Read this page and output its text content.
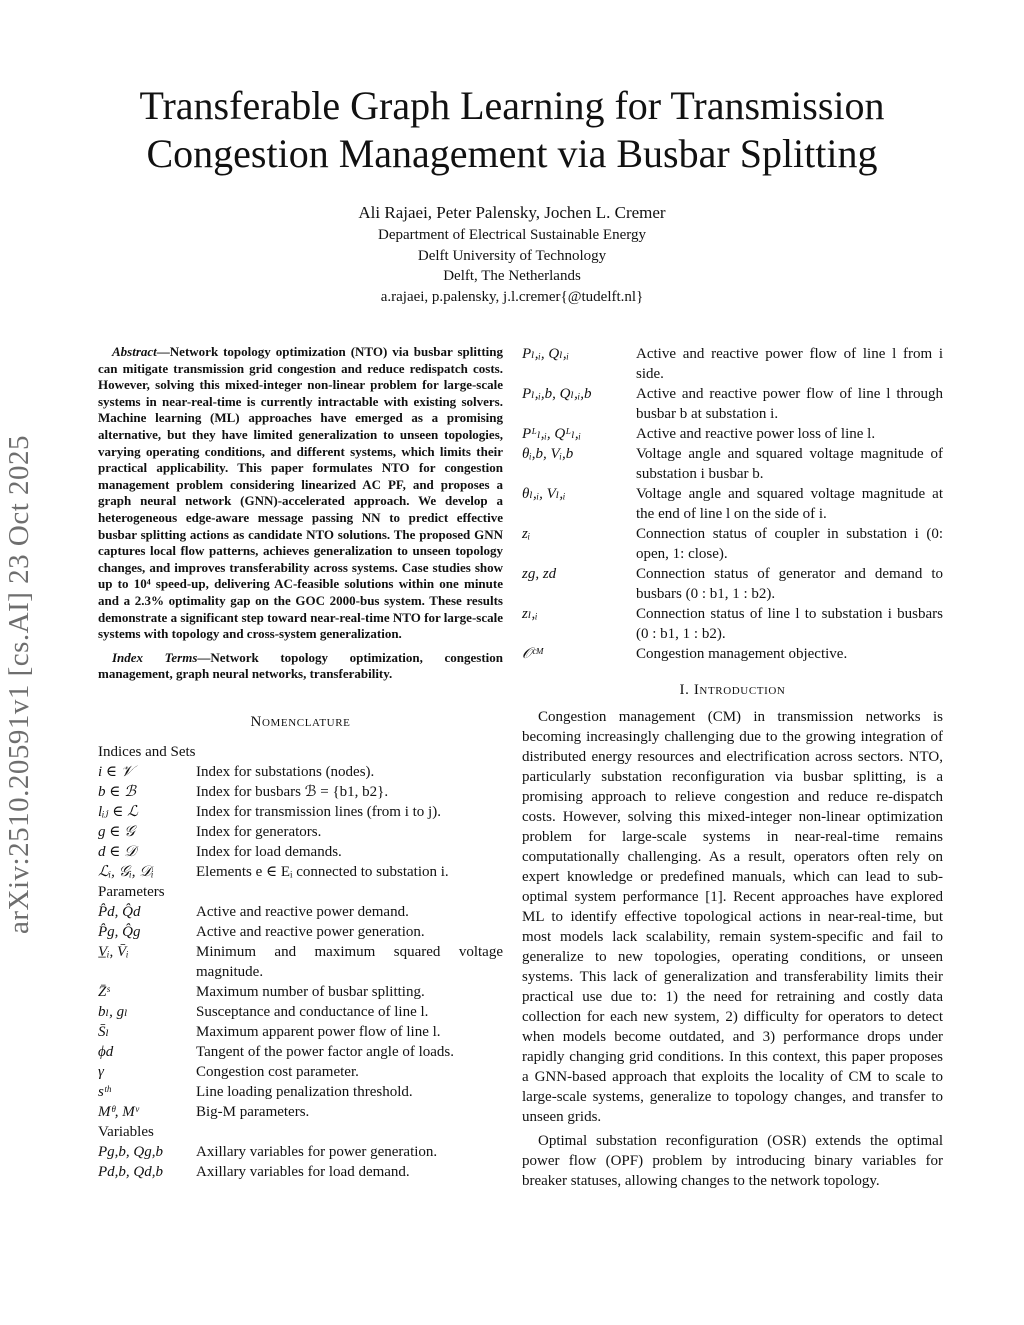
arXiv:2510.20591v1 [cs.AI] 23 Oct 2025
Transferable Graph Learning for Transmission
Congestion Management via Busbar Splitting
Ali Rajaei, Peter Palensky, Jochen L. Cremer
Department of Electrical Sustainable Energy
Delft University of Technology
Delft, The Netherlands
a.rajaei, p.palensky, j.l.cremer{@tudelft.nl}

Abstract—Network topology optimization (NTO) via busbar splitting can mitigate transmission grid congestion and reduce redispatch costs. However, solving this mixed-integer non-linear problem for large-scale systems in near-real-time is currently intractable with existing solvers. Machine learning (ML) approaches have emerged as a promising alternative, but they have limited generalization to unseen topologies, varying operating conditions, and different systems, which limits their practical applicability. This paper formulates NTO for congestion management problem considering linearized AC PF, and proposes a graph neural network (GNN)-accelerated approach. We develop a heterogeneous edge-aware message passing NN to predict effective busbar splitting actions as candidate NTO solutions. The proposed GNN captures local flow patterns, achieves generalization to unseen topology changes, and improves transferability across systems. Case studies show up to 10⁴ speed-up, delivering AC-feasible solutions within one minute and a 2.3% optimality gap on the GOC 2000-bus system. These results demonstrate a significant step toward near-real-time NTO for large-scale systems with topology and cross-system generalization.

Index Terms—Network topology optimization, congestion management, graph neural networks, transferability.

Nomenclature
Indices and Sets
i ∈ 𝒱	Index for substations (nodes).
b ∈ ℬ	Index for busbars ℬ = {b1, b2}.
lᵢⱼ ∈ ℒ	Index for transmission lines (from i to j).
g ∈ 𝒢	Index for generators.
d ∈ 𝒟	Index for load demands.
ℒᵢ, 𝒢ᵢ, 𝒟ᵢ	Elements e ∈ Eᵢ connected to substation i.
Parameters
P̂d, Q̂d	Active and reactive power demand.
P̂g, Q̂g	Active and reactive power generation.
V̲ᵢ, V̄ᵢ	Minimum and maximum squared voltage magnitude.
Z̄ˢ	Maximum number of busbar splitting.
bₗ, gₗ	Susceptance and conductance of line l.
S̄ₗ	Maximum apparent power flow of line l.
ϕd	Tangent of the power factor angle of loads.
γ	Congestion cost parameter.
sᵗʰ	Line loading penalization threshold.
Mᶿ, Mᵛ	Big-M parameters.
Variables
Pg,b, Qg,b	Axillary variables for power generation.
Pd,b, Qd,b	Axillary variables for load demand.
Pₗ,ᵢ, Qₗ,ᵢ	Active and reactive power flow of line l from i side.
Pₗ,ᵢ,b, Qₗ,ᵢ,b	Active and reactive power flow of line l through busbar b at substation i.
Pᴸₗ,ᵢ, Qᴸₗ,ᵢ	Active and reactive power loss of line l.
θᵢ,b, Vᵢ,b	Voltage angle and squared voltage magnitude of substation i busbar b.
θₗ,ᵢ, Vₗ,ᵢ	Voltage angle and squared voltage magnitude at the end of line l on the side of i.
zᵢ	Connection status of coupler in substation i (0: open, 1: close).
zg, zd	Connection status of generator and demand to busbars (0 : b1, 1 : b2).
zₗ,ᵢ	Connection status of line l to substation i busbars (0 : b1, 1 : b2).
𝒪ᶜᴹ	Congestion management objective.
I. Introduction

Congestion management (CM) in transmission networks is becoming increasingly challenging due to the growing integration of distributed energy resources and electrification across sectors. NTO, particularly substation reconfiguration via busbar splitting, is a promising approach to relieve congestion and reduce re-dispatch costs. However, solving this mixed-integer non-linear optimization problem for large-scale systems in near-real-time remains computationally challenging. As a result, operators often rely on expert knowledge or predefined manuals, which can lead to sub-optimal system performance [1]. Recent approaches have explored ML to identify effective topological actions in near-real-time, but most models lack scalability, remain system-specific and fail to generalize to new topologies, operating conditions, or unseen systems. This lack of generalization and transferability limits their practical use due to: 1) the need for retraining and costly data collection for each new system, 2) difficulty for operators to detect when models become outdated, and 3) performance drops under rapidly changing grid conditions. In this context, this paper proposes a GNN-based approach that exploits the locality of CM to scale to large-scale systems, generalize to topology changes, and transfer to unseen grids.

Optimal substation reconfiguration (OSR) extends the optimal power flow (OPF) problem by introducing binary variables for breaker statuses, allowing changes to the network topology.
